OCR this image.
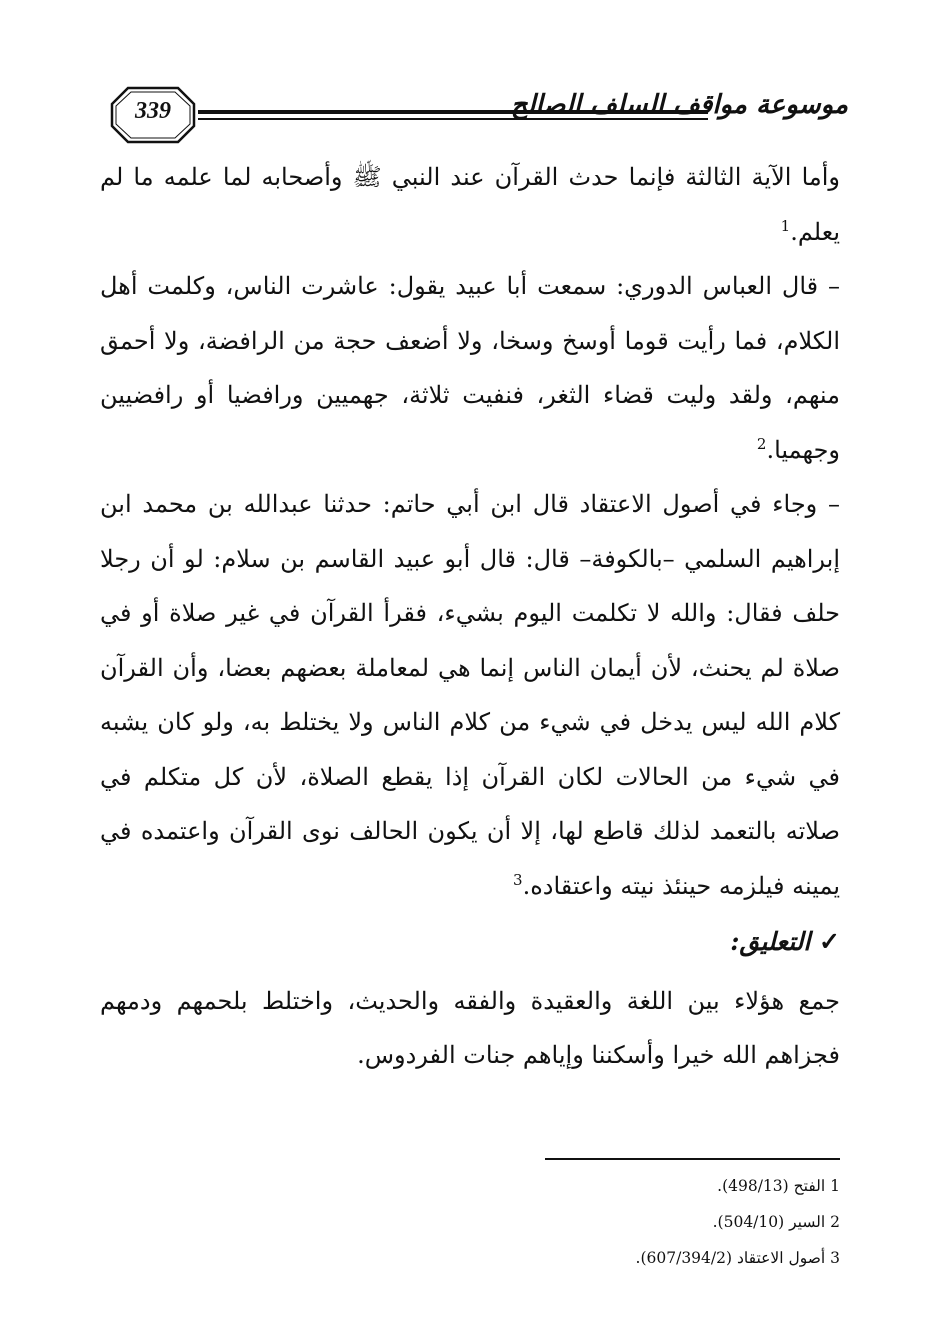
339	موسوعة مواقف السلف الصالح

وأما الآية الثالثة فإنما حدث القرآن عند النبي ﷺ وأصحابه لما علمه ما لم يعلم.$^1$

– قال العباس الدوري: سمعت أبا عبيد يقول: عاشرت الناس، وكلمت أهل الكلام، فما رأيت قوما أوسخ وسخا، ولا أضعف حجة من الرافضة، ولا أحمق منهم، ولقد وليت قضاء الثغر، فنفيت ثلاثة، جهميين ورافضيا أو رافضيين وجهميا.$^2$

– وجاء في أصول الاعتقاد قال ابن أبي حاتم: حدثنا عبدالله بن محمد ابن إبراهيم السلمي –بالكوفة– قال: قال أبو عبيد القاسم بن سلام: لو أن رجلا حلف فقال: والله لا تكلمت اليوم بشيء، فقرأ القرآن في غير صلاة أو في صلاة لم يحنث، لأن أيمان الناس إنما هي لمعاملة بعضهم بعضا، وأن القرآن كلام الله ليس يدخل في شيء من كلام الناس ولا يختلط به، ولو كان يشبه في شيء من الحالات لكان القرآن إذا يقطع الصلاة، لأن كل متكلم في صلاته بالتعمد لذلك قاطع لها، إلا أن يكون الحالف نوى القرآن واعتمده في يمينه فيلزمه حينئذ نيته واعتقاده.$^3$

✓ التعليق:

جمع هؤلاء بين اللغة والعقيدة والفقه والحديث، واختلط بلحمهم ودمهم فجزاهم الله خيرا وأسكننا وإياهم جنات الفردوس.

1 الفتح (498/13).
2 السير (504/10).
3 أصول الاعتقاد (607/394/2).
